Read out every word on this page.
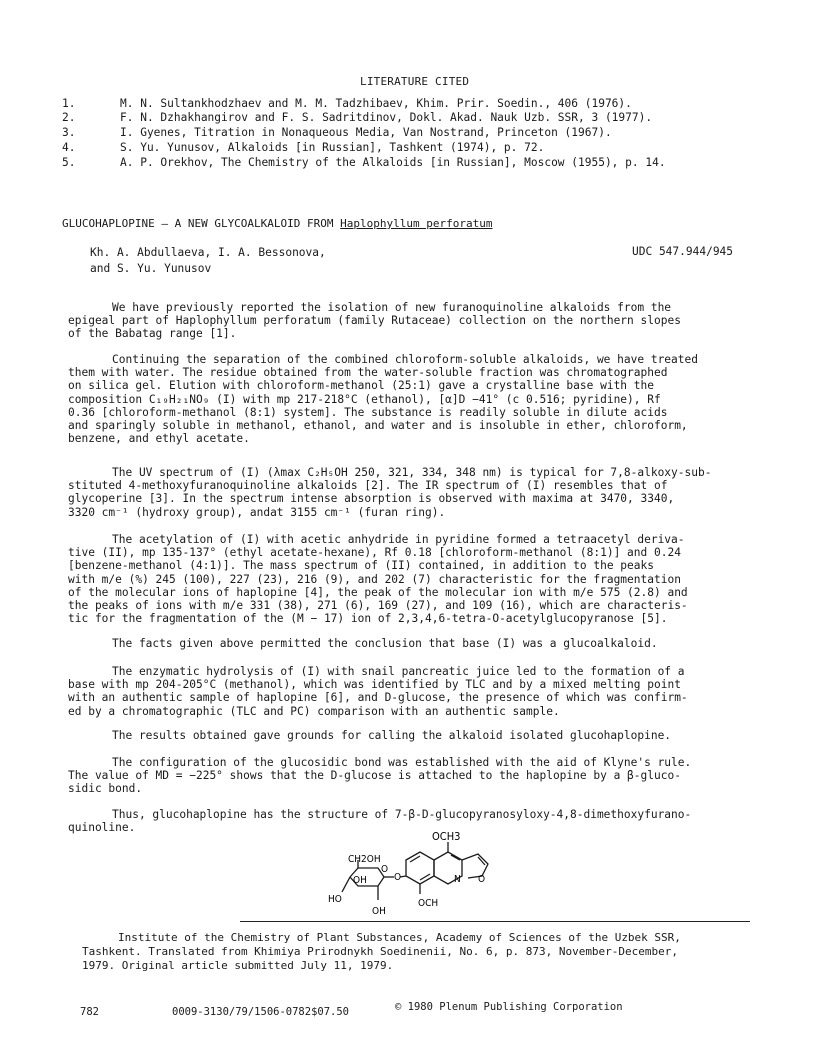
LITERATURE CITED
1.	M. N. Sultankhodzhaev and M. M. Tadzhibaev, Khim. Prir. Soedin., 406 (1976).
2.	F. N. Dzhakhangirov and F. S. Sadritdinov, Dokl. Akad. Nauk Uzb. SSR, 3 (1977).
3.	I. Gyenes, Titration in Nonaqueous Media, Van Nostrand, Princeton (1967).
4.	S. Yu. Yunusov, Alkaloids [in Russian], Tashkent (1974), p. 72.
5.	A. P. Orekhov, The Chemistry of the Alkaloids [in Russian], Moscow (1955), p. 14.
GLUCOHAPLOPINE — A NEW GLYCOALKALOID FROM Haplophyllum perforatum
Kh. A. Abdullaeva, I. A. Bessonova,
and S. Yu. Yunusov
UDC 547.944/945
We have previously reported the isolation of new furanoquinoline alkaloids from the
epigeal part of Haplophyllum perforatum (family Rutaceae) collection on the northern slopes
of the Babatag range [1].
Continuing the separation of the combined chloroform-soluble alkaloids, we have treated
them with water. The residue obtained from the water-soluble fraction was chromatographed
on silica gel. Elution with chloroform-methanol (25:1) gave a crystalline base with the
composition C₁₉H₂₁NO₉ (I) with mp 217-218°C (ethanol), [α]D −41° (c 0.516; pyridine), Rf
0.36 [chloroform-methanol (8:1) system]. The substance is readily soluble in dilute acids
and sparingly soluble in methanol, ethanol, and water and is insoluble in ether, chloroform,
benzene, and ethyl acetate.
The UV spectrum of (I) (λmax C₂H₅OH 250, 321, 334, 348 nm) is typical for 7,8-alkoxy-sub-
stituted 4-methoxyfuranoquinoline alkaloids [2]. The IR spectrum of (I) resembles that of
glycoperine [3]. In the spectrum intense absorption is observed with maxima at 3470, 3340,
3320 cm⁻¹ (hydroxy group), andat 3155 cm⁻¹ (furan ring).
The acetylation of (I) with acetic anhydride in pyridine formed a tetraacetyl deriva-
tive (II), mp 135-137° (ethyl acetate-hexane), Rf 0.18 [chloroform-methanol (8:1)] and 0.24
[benzene-methanol (4:1)]. The mass spectrum of (II) contained, in addition to the peaks
with m/e (%) 245 (100), 227 (23), 216 (9), and 202 (7) characteristic for the fragmentation
of the molecular ions of haplopine [4], the peak of the molecular ion with m/e 575 (2.8) and
the peaks of ions with m/e 331 (38), 271 (6), 169 (27), and 109 (16), which are characteris-
tic for the fragmentation of the (M − 17) ion of 2,3,4,6-tetra-O-acetylglucopyranose [5].
The facts given above permitted the conclusion that base (I) was a glucoalkaloid.
The enzymatic hydrolysis of (I) with snail pancreatic juice led to the formation of a
base with mp 204-205°C (methanol), which was identified by TLC and by a mixed melting point
with an authentic sample of haplopine [6], and D-glucose, the presence of which was confirm-
ed by a chromatographic (TLC and PC) comparison with an authentic sample.
The results obtained gave grounds for calling the alkaloid isolated glucohaplopine.
The configuration of the glucosidic bond was established with the aid of Klyne's rule.
The value of MD = −225° shows that the D-glucose is attached to the haplopine by a β-gluco-
sidic bond.
Thus, glucohaplopine has the structure of 7-β-D-glucopyranosyloxy-4,8-dimethoxyfurano-
quinoline.
OCH3
CH2OH
O
OH
HO
OH
O
OCH
N O
Institute of the Chemistry of Plant Substances, Academy of Sciences of the Uzbek SSR,
Tashkent. Translated from Khimiya Prirodnykh Soedinenii, No. 6, p. 873, November-December,
1979. Original article submitted July 11, 1979.
782	0009-3130/79/1506-0782$07.50	© 1980 Plenum Publishing Corporation
